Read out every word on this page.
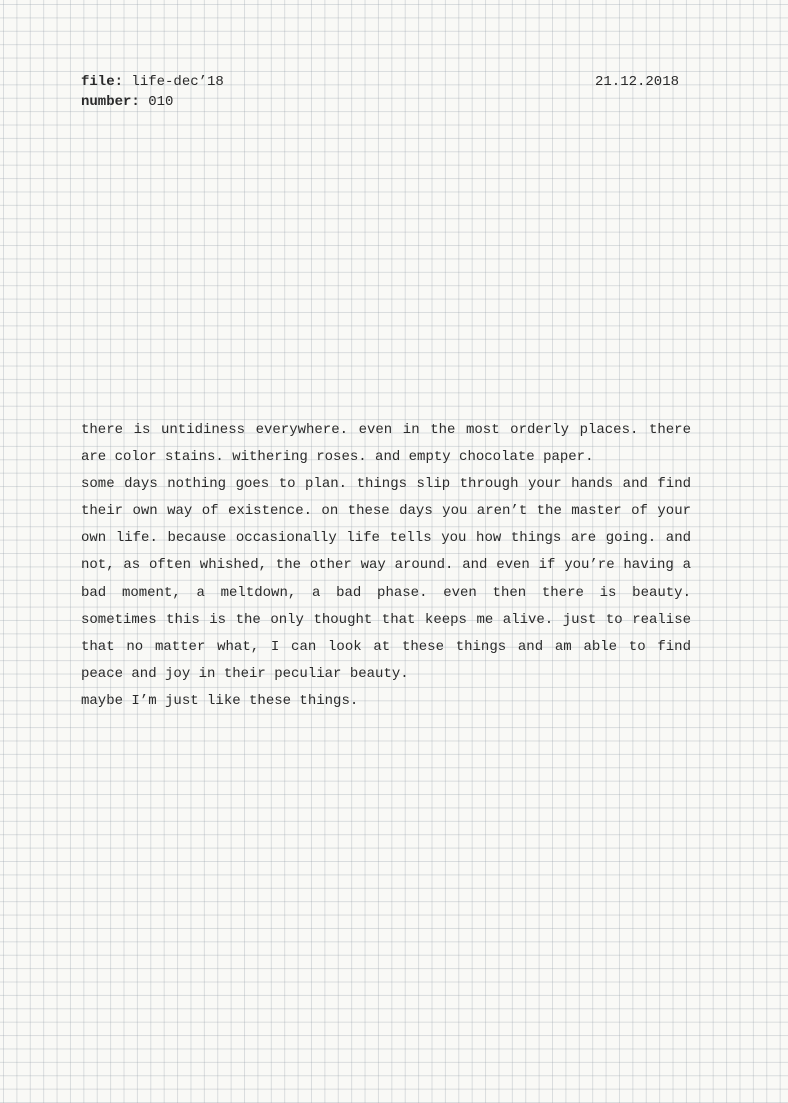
file: life-dec’18
number: 010
21.12.2018

there is untidiness everywhere. even in the most orderly places. there are color stains. withering roses. and empty chocolate paper.

some days nothing goes to plan. things slip through your hands and find their own way of existence. on these days you aren’t the master of your own life. because occasionally life tells you how things are going. and not, as often whished, the other way around. and even if you’re having a bad moment, a meltdown, a bad phase. even then there is beauty. sometimes this is the only thought that keeps me alive. just to realise that no matter what, I can look at these things and am able to find peace and joy in their peculiar beauty.

maybe I’m just like these things.
